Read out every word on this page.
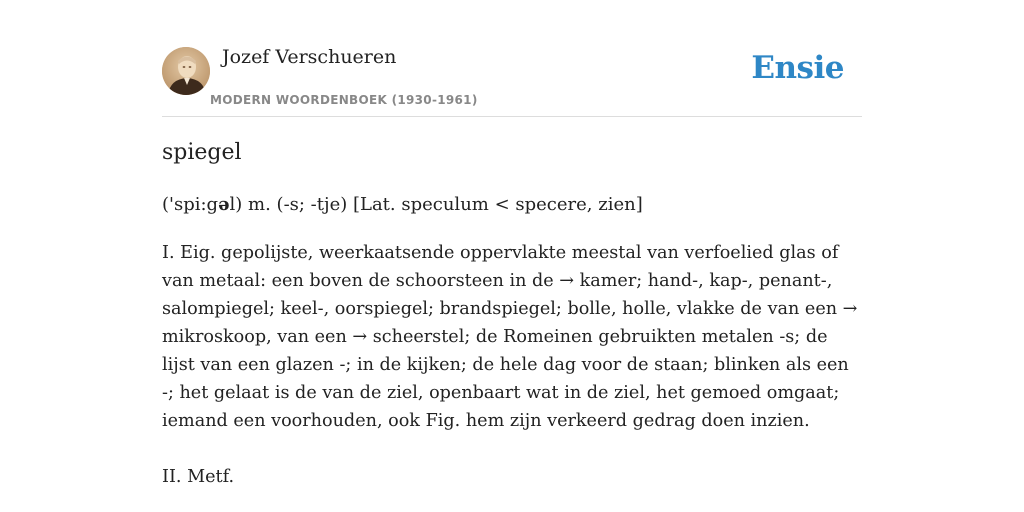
Jozef Verschueren
MODERN WOORDENBOEK (1930-1961)
Ensie
spiegel
('spi:gəl) m. (-s; -tje) [Lat. speculum < specere, zien]

I. Eig. gepolijste, weerkaatsende oppervlakte meestal van verfoelied glas of van metaal: een boven de schoorsteen in de → kamer; hand-, kap-, penant-, salompiegel; keel-, oorspiegel; brandspiegel; bolle, holle, vlakke de van een → mikroskoop, van een → scheerstel; de Romeinen gebruikten metalen -s; de lijst van een glazen -; in de kijken; de hele dag voor de staan; blinken als een -; het gelaat is de van de ziel, openbaart wat in de ziel, het gemoed omgaat; iemand een voorhouden, ook Fig. hem zijn verkeerd gedrag doen inzien.

II. Metf.
